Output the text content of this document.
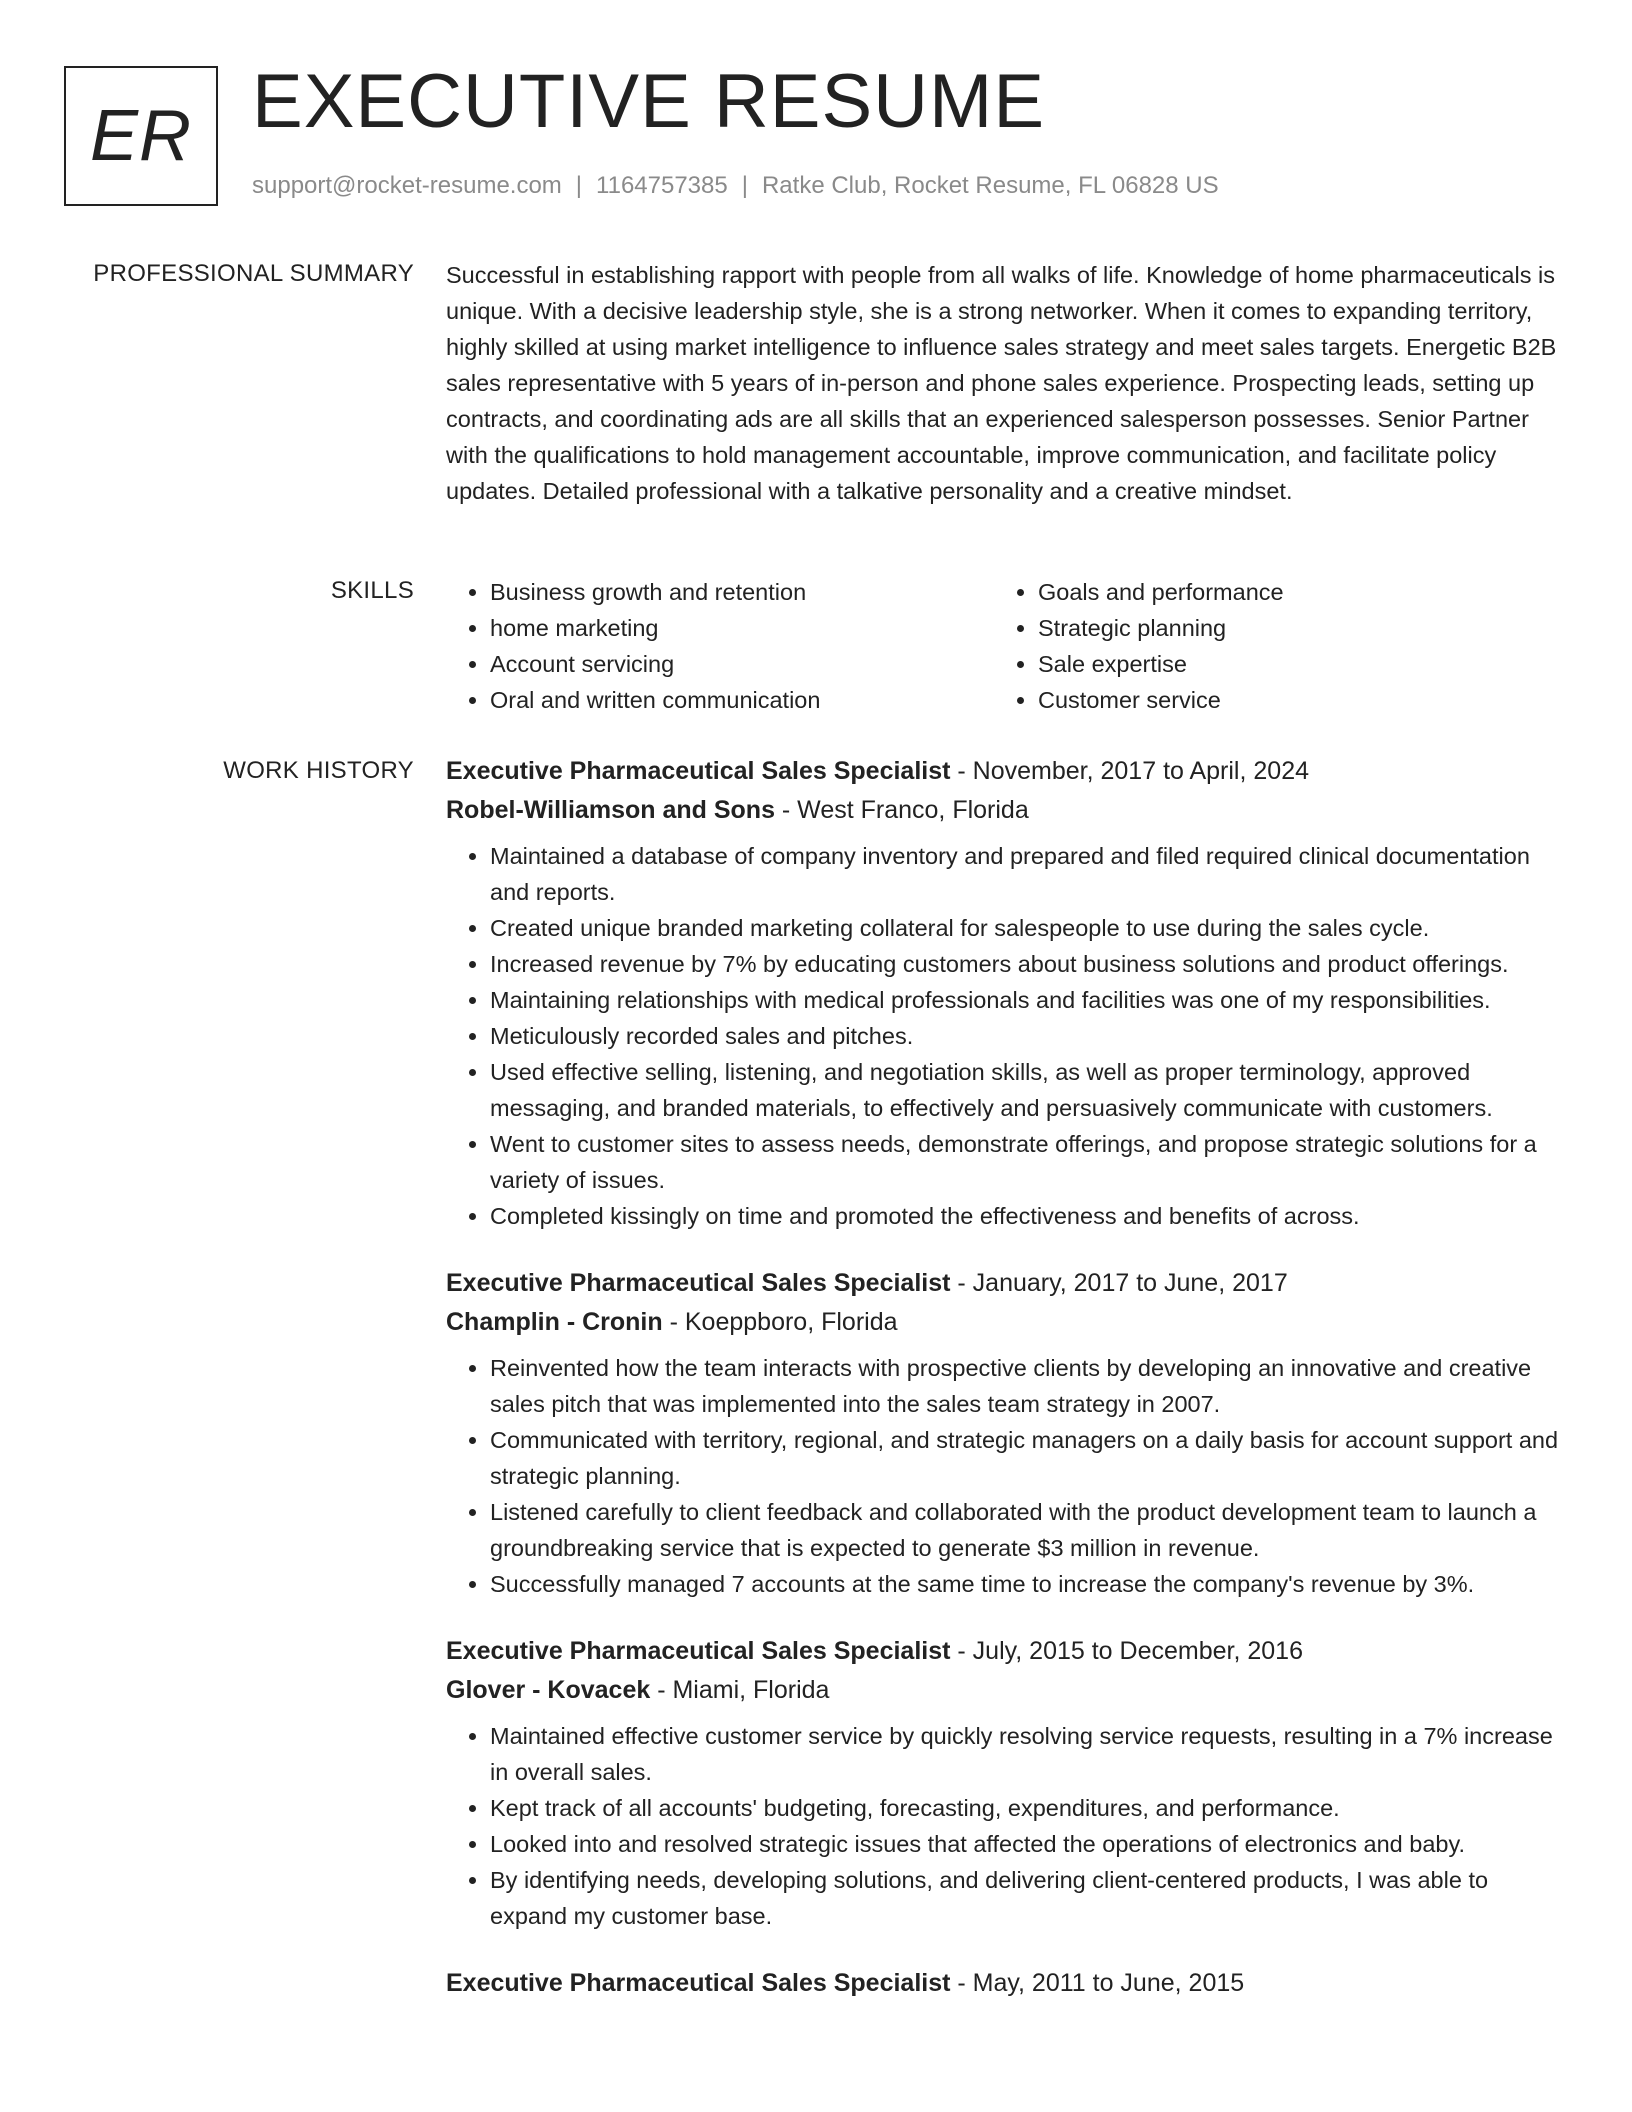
ER EXECUTIVE RESUME
support@rocket-resume.com | 1164757385 | Ratke Club, Rocket Resume, FL 06828 US
PROFESSIONAL SUMMARY Successful in establishing rapport with people from all walks of life. Knowledge of home pharmaceuticals is unique. With a decisive leadership style, she is a strong networker. When it comes to expanding territory, highly skilled at using market intelligence to influence sales strategy and meet sales targets. Energetic B2B sales representative with 5 years of in-person and phone sales experience. Prospecting leads, setting up contracts, and coordinating ads are all skills that an experienced salesperson possesses. Senior Partner with the qualifications to hold management accountable, improve communication, and facilitate policy updates. Detailed professional with a talkative personality and a creative mindset.

SKILLS
•	Business growth and retention
• home marketing
• Account servicing
• Oral and written communication
• Goals and performance
• Strategic planning
• Sale expertise
• Customer service
WORK HISTORY Executive Pharmaceutical Sales Specialist - November, 2017 to April, 2024

Robel-Williamson and Sons - West Franco, Florida

• Maintained a database of company inventory and prepared and filed required clinical documentation and reports.
• Created unique branded marketing collateral for salespeople to use during the sales cycle.
• Increased revenue by 7% by educating customers about business solutions and product offerings.
• Maintaining relationships with medical professionals and facilities was one of my responsibilities.
• Meticulously recorded sales and pitches.
• Used effective selling, listening, and negotiation skills, as well as proper terminology, approved messaging, and branded materials, to effectively and persuasively communicate with customers.
• Went to customer sites to assess needs, demonstrate offerings, and propose strategic solutions for a variety of issues.
• Completed kissingly on time and promoted the effectiveness and benefits of across.

Executive Pharmaceutical Sales Specialist - January, 2017 to June, 2017

Champlin - Cronin - Koeppboro, Florida

• Reinvented how the team interacts with prospective clients by developing an innovative and creative sales pitch that was implemented into the sales team strategy in 2007.
• Communicated with territory, regional, and strategic managers on a daily basis for account support and strategic planning.
• Listened carefully to client feedback and collaborated with the product development team to launch a groundbreaking service that is expected to generate $3 million in revenue.
• Successfully managed 7 accounts at the same time to increase the company's revenue by 3%.

Executive Pharmaceutical Sales Specialist - July, 2015 to December, 2016

Glover - Kovacek - Miami, Florida

• Maintained effective customer service by quickly resolving service requests, resulting in a 7% increase in overall sales.
• Kept track of all accounts' budgeting, forecasting, expenditures, and performance.
• Looked into and resolved strategic issues that affected the operations of electronics and baby.
• By identifying needs, developing solutions, and delivering client-centered products, I was able to expand my customer base.

Executive Pharmaceutical Sales Specialist - May, 2011 to June, 2015
